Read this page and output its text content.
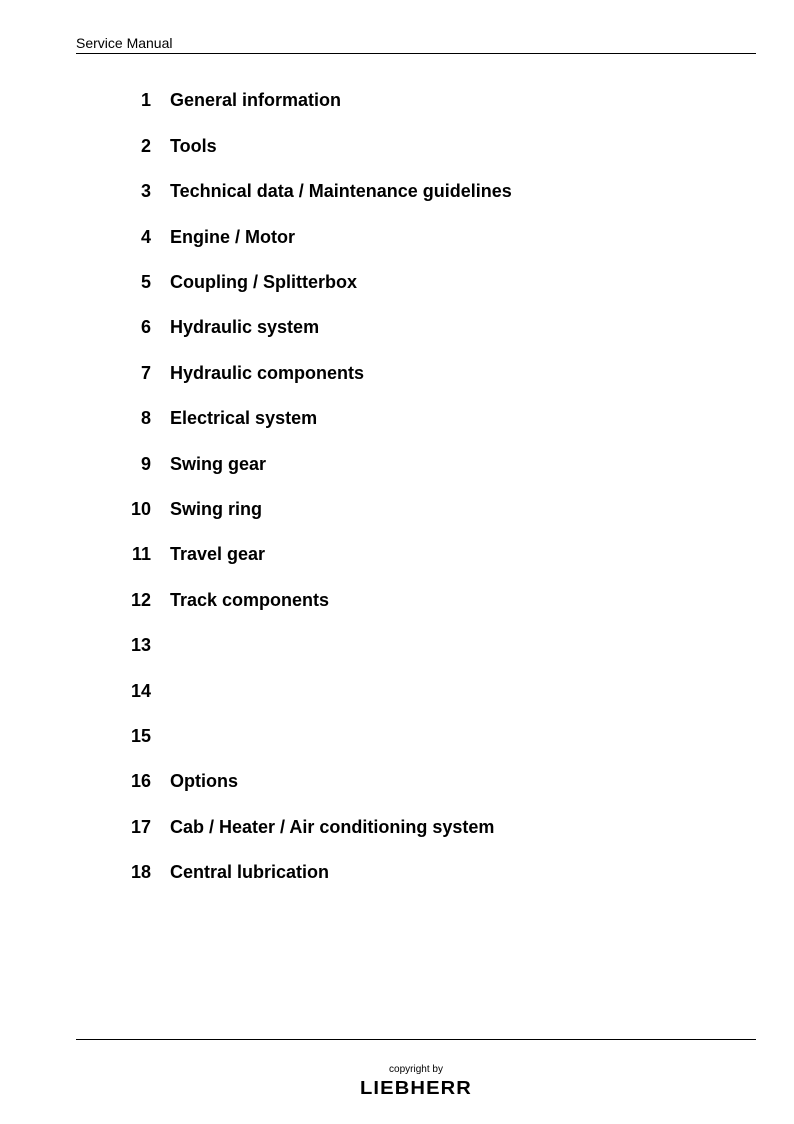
Service Manual
1 General information
2 Tools
3 Technical data / Maintenance guidelines
4 Engine / Motor
5 Coupling / Splitterbox
6 Hydraulic system
7 Hydraulic components
8 Electrical system
9 Swing gear
10 Swing ring
11 Travel gear
12 Track components
13
14
15
16 Options
17 Cab / Heater / Air conditioning system
18 Central lubrication
copyright by
LIEBHERR
